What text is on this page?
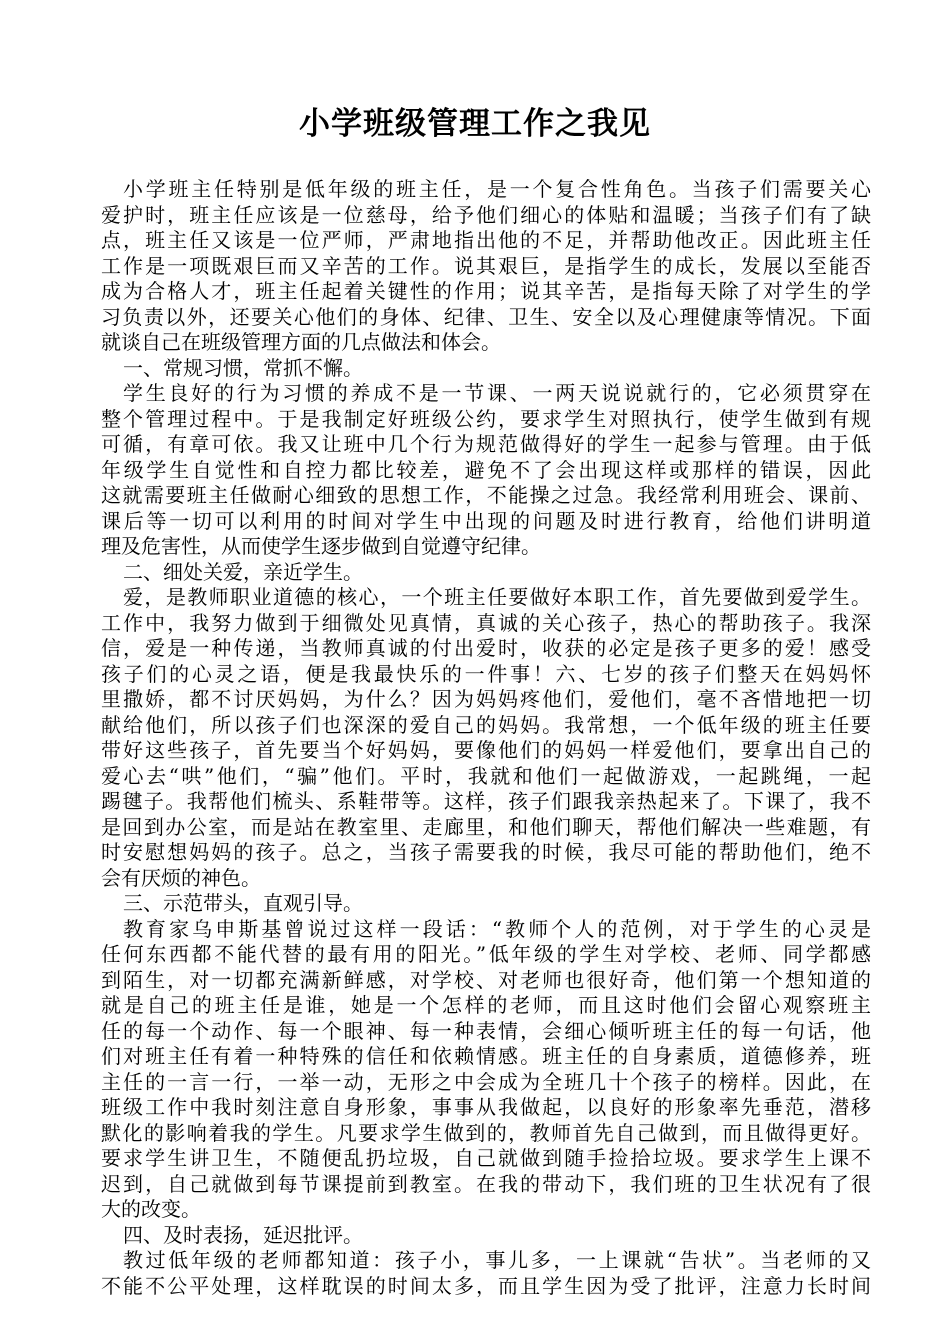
小学班级管理工作之我见
小学班主任特别是低年级的班主任，是一个复合性角色。当孩子们需要关心
爱护时，班主任应该是一位慈母，给予他们细心的体贴和温暖；当孩子们有了缺
点，班主任又该是一位严师，严肃地指出他的不足，并帮助他改正。因此班主任
工作是一项既艰巨而又辛苦的工作。说其艰巨，是指学生的成长，发展以至能否
成为合格人才，班主任起着关键性的作用；说其辛苦，是指每天除了对学生的学
习负责以外，还要关心他们的身体、纪律、卫生、安全以及心理健康等情况。下面
就谈自己在班级管理方面的几点做法和体会。
一、常规习惯，常抓不懈。
学生良好的行为习惯的养成不是一节课、一两天说说就行的，它必须贯穿在
整个管理过程中。于是我制定好班级公约，要求学生对照执行，使学生做到有规
可循，有章可依。我又让班中几个行为规范做得好的学生一起参与管理。由于低
年级学生自觉性和自控力都比较差，避免不了会出现这样或那样的错误，因此
这就需要班主任做耐心细致的思想工作，不能操之过急。我经常利用班会、课前、
课后等一切可以利用的时间对学生中出现的问题及时进行教育，给他们讲明道
理及危害性，从而使学生逐步做到自觉遵守纪律。
二、细处关爱，亲近学生。
爱，是教师职业道德的核心，一个班主任要做好本职工作，首先要做到爱学生。
工作中，我努力做到于细微处见真情，真诚的关心孩子，热心的帮助孩子。我深
信，爱是一种传递，当教师真诚的付出爱时，收获的必定是孩子更多的爱！感受
孩子们的心灵之语，便是我最快乐的一件事！六、七岁的孩子们整天在妈妈怀
里撒娇，都不讨厌妈妈，为什么？因为妈妈疼他们，爱他们，毫不吝惜地把一切
献给他们，所以孩子们也深深的爱自己的妈妈。我常想，一个低年级的班主任要
带好这些孩子，首先要当个好妈妈，要像他们的妈妈一样爱他们，要拿出自己的
爱心去“哄”他们，“骗”他们。平时，我就和他们一起做游戏，一起跳绳，一起
踢毽子。我帮他们梳头、系鞋带等。这样，孩子们跟我亲热起来了。下课了，我不
是回到办公室，而是站在教室里、走廊里，和他们聊天，帮他们解决一些难题，有
时安慰想妈妈的孩子。总之，当孩子需要我的时候，我尽可能的帮助他们，绝不
会有厌烦的神色。
三、示范带头，直观引导。
教育家乌申斯基曾说过这样一段话：“教师个人的范例，对于学生的心灵是
任何东西都不能代替的最有用的阳光。”低年级的学生对学校、老师、同学都感
到陌生，对一切都充满新鲜感，对学校、对老师也很好奇，他们第一个想知道的
就是自己的班主任是谁，她是一个怎样的老师，而且这时他们会留心观察班主
任的每一个动作、每一个眼神、每一种表情，会细心倾听班主任的每一句话，他
们对班主任有着一种特殊的信任和依赖情感。班主任的自身素质，道德修养，班
主任的一言一行，一举一动，无形之中会成为全班几十个孩子的榜样。因此，在
班级工作中我时刻注意自身形象，事事从我做起，以良好的形象率先垂范，潜移
默化的影响着我的学生。凡要求学生做到的，教师首先自己做到，而且做得更好。
要求学生讲卫生，不随便乱扔垃圾，自己就做到随手捡拾垃圾。要求学生上课不
迟到，自己就做到每节课提前到教室。在我的带动下，我们班的卫生状况有了很
大的改变。
四、及时表扬，延迟批评。
教过低年级的老师都知道：孩子小，事儿多，一上课就“告状”。当老师的又
不能不公平处理，这样耽误的时间太多，而且学生因为受了批评，注意力长时间
